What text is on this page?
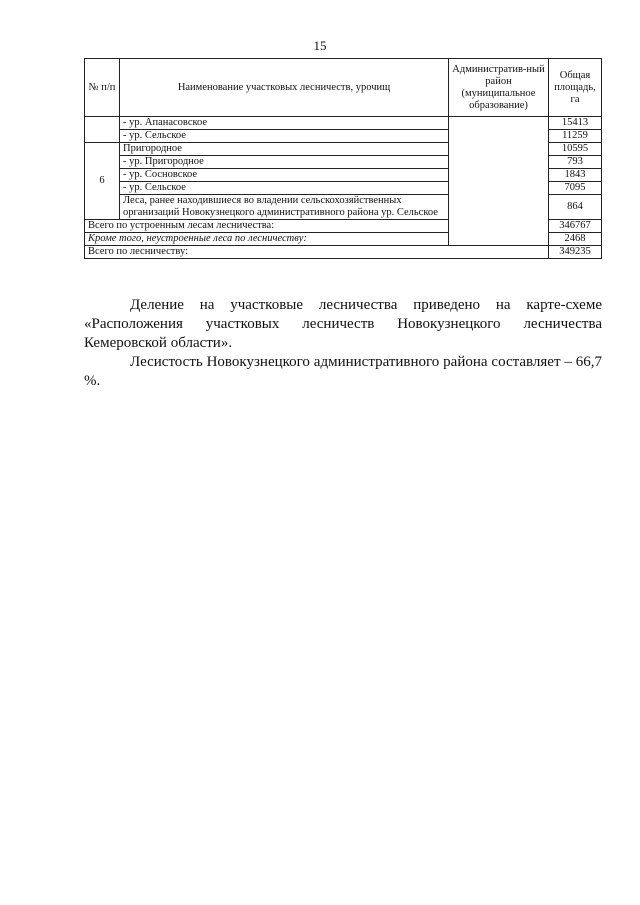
15
№ п/п	Наименование участковых лесничеств, урочищ	Административ-ный район (муниципальное образование)	Общая площадь, га
	- ур. Апанасовское		15413
	- ур. Сельское		11259
6	Пригородное		10595
	- ур. Пригородное		793
	- ур. Сосновское		1843
	- ур. Сельское		7095
	Леса, ранее находившиеся во владении сельскохозяйственных организаций Новокузнецкого административного района ур. Сельское		864
Всего по устроенным лесам лесничества:			346767
Кроме того, неустроенные леса по лесничеству:			2468
Всего по лесничеству:			349235

Деление на участковые лесничества приведено на карте-схеме «Расположения участковых лесничеств Новокузнецкого лесничества Кемеровской области».

Лесистость Новокузнецкого административного района составляет – 66,7 %.
